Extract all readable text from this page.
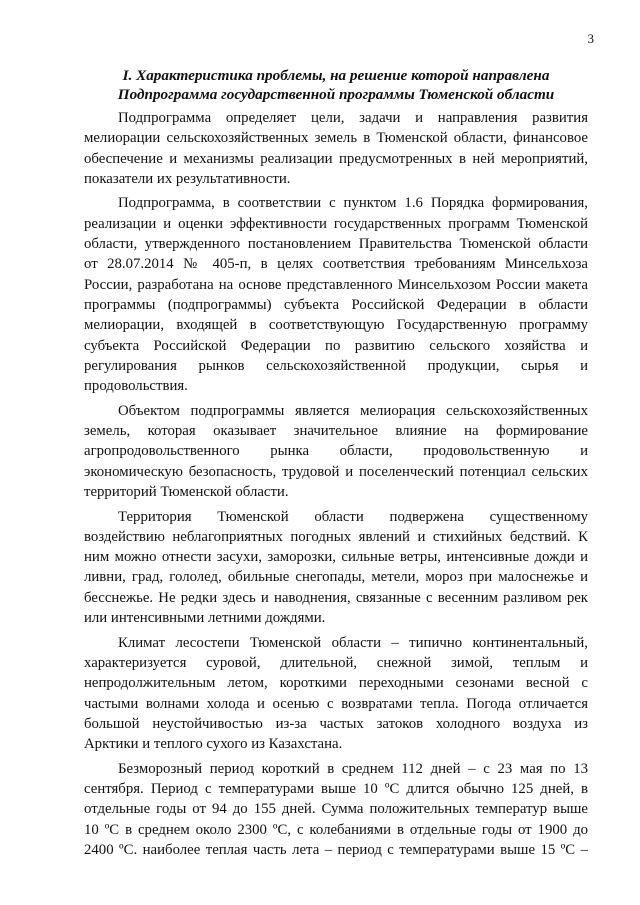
3
I. Характеристика проблемы, на решение которой направлена
Подпрограмма государственной программы Тюменской области
Подпрограмма определяет цели, задачи и направления развития
мелиорации сельскохозяйственных земель в Тюменской области, финансовое
обеспечение и механизмы реализации предусмотренных в ней мероприятий,
показатели их результативности.
Подпрограмма, в соответствии с пунктом 1.6 Порядка формирования,
реализации и оценки эффективности государственных программ Тюменской
области, утвержденного постановлением Правительства Тюменской области
от 28.07.2014 № 405-п, в целях соответствия требованиям Минсельхоза
России, разработана на основе представленного Минсельхозом России макета
программы (подпрограммы) субъекта Российской Федерации в области
мелиорации, входящей в соответствующую Государственную программу
субъекта Российской Федерации по развитию сельского хозяйства и
регулирования рынков сельскохозяйственной продукции, сырья и
продовольствия.
Объектом подпрограммы является мелиорация сельскохозяйственных
земель, которая оказывает значительное влияние на формирование
агропродовольственного рынка области, продовольственную и
экономическую безопасность, трудовой и поселенческий потенциал сельских
территорий Тюменской области.
Территория Тюменской области подвержена существенному
воздействию неблагоприятных погодных явлений и стихийных бедствий. К
ним можно отнести засухи, заморозки, сильные ветры, интенсивные дожди и
ливни, град, гололед, обильные снегопады, метели, мороз при малоснежье и
бесснежье. Не редки здесь и наводнения, связанные с весенним разливом рек
или интенсивными летними дождями.
Климат лесостепи Тюменской области – типично континентальный,
характеризуется суровой, длительной, снежной зимой, теплым и
непродолжительным летом, короткими переходными сезонами весной с
частыми волнами холода и осенью с возвратами тепла. Погода отличается
большой неустойчивостью из-за частых затоков холодного воздуха из
Арктики и теплого сухого из Казахстана.
Безморозный период короткий в среднем 112 дней – с 23 мая по 13
сентября. Период с температурами выше 10 ºС длится обычно 125 дней, в
отдельные годы от 94 до 155 дней. Сумма положительных температур выше
10 ºС в среднем около 2300 ºС, с колебаниями в отдельные годы от 1900 до
2400 ºС. наиболее теплая часть лета – период с температурами выше 15 ºС –
